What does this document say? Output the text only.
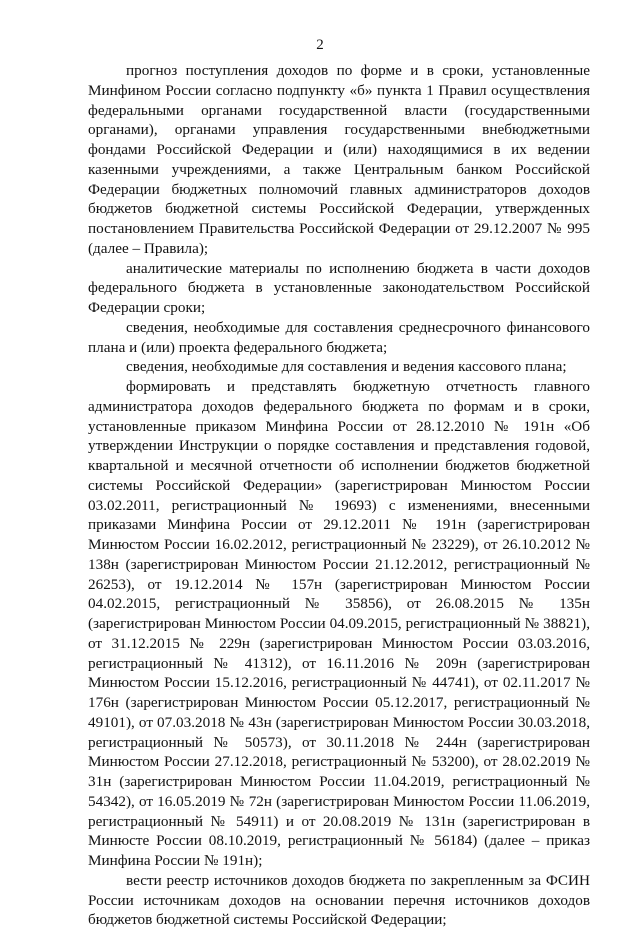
2

прогноз поступления доходов по форме и в сроки, установленные Минфином России согласно подпункту «б» пункта 1 Правил осуществления федеральными органами государственной власти (государственными органами), органами управления государственными внебюджетными фондами Российской Федерации и (или) находящимися в их ведении казенными учреждениями, а также Центральным банком Российской Федерации бюджетных полномочий главных администраторов доходов бюджетов бюджетной системы Российской Федерации, утвержденных постановлением Правительства Российской Федерации от 29.12.2007 № 995 (далее – Правила);

аналитические материалы по исполнению бюджета в части доходов федерального бюджета в установленные законодательством Российской Федерации сроки;

сведения, необходимые для составления среднесрочного финансового плана и (или) проекта федерального бюджета;

сведения, необходимые для составления и ведения кассового плана;

формировать и представлять бюджетную отчетность главного администратора доходов федерального бюджета по формам и в сроки, установленные приказом Минфина России от 28.12.2010 № 191н «Об утверждении Инструкции о порядке составления и представления годовой, квартальной и месячной отчетности об исполнении бюджетов бюджетной системы Российской Федерации» (зарегистрирован Минюстом России 03.02.2011, регистрационный № 19693) с изменениями, внесенными приказами Минфина России от 29.12.2011 № 191н (зарегистрирован Минюстом России 16.02.2012, регистрационный № 23229), от 26.10.2012 № 138н (зарегистрирован Минюстом России 21.12.2012, регистрационный № 26253), от 19.12.2014 № 157н (зарегистрирован Минюстом России 04.02.2015, регистрационный № 35856), от 26.08.2015 № 135н (зарегистрирован Минюстом России 04.09.2015, регистрационный № 38821), от 31.12.2015 № 229н (зарегистрирован Минюстом России 03.03.2016, регистрационный № 41312), от 16.11.2016 № 209н (зарегистрирован Минюстом России 15.12.2016, регистрационный № 44741), от 02.11.2017 № 176н (зарегистрирован Минюстом России 05.12.2017, регистрационный № 49101), от 07.03.2018 № 43н (зарегистрирован Минюстом России 30.03.2018, регистрационный № 50573), от 30.11.2018 № 244н (зарегистрирован Минюстом России 27.12.2018, регистрационный № 53200), от 28.02.2019 № 31н (зарегистрирован Минюстом России 11.04.2019, регистрационный № 54342), от 16.05.2019 № 72н (зарегистрирован Минюстом России 11.06.2019, регистрационный № 54911) и от 20.08.2019 № 131н (зарегистрирован в Минюсте России 08.10.2019, регистрационный № 56184) (далее – приказ Минфина России № 191н);

вести реестр источников доходов бюджета по закрепленным за ФСИН России источникам доходов на основании перечня источников доходов бюджетов бюджетной системы Российской Федерации;
